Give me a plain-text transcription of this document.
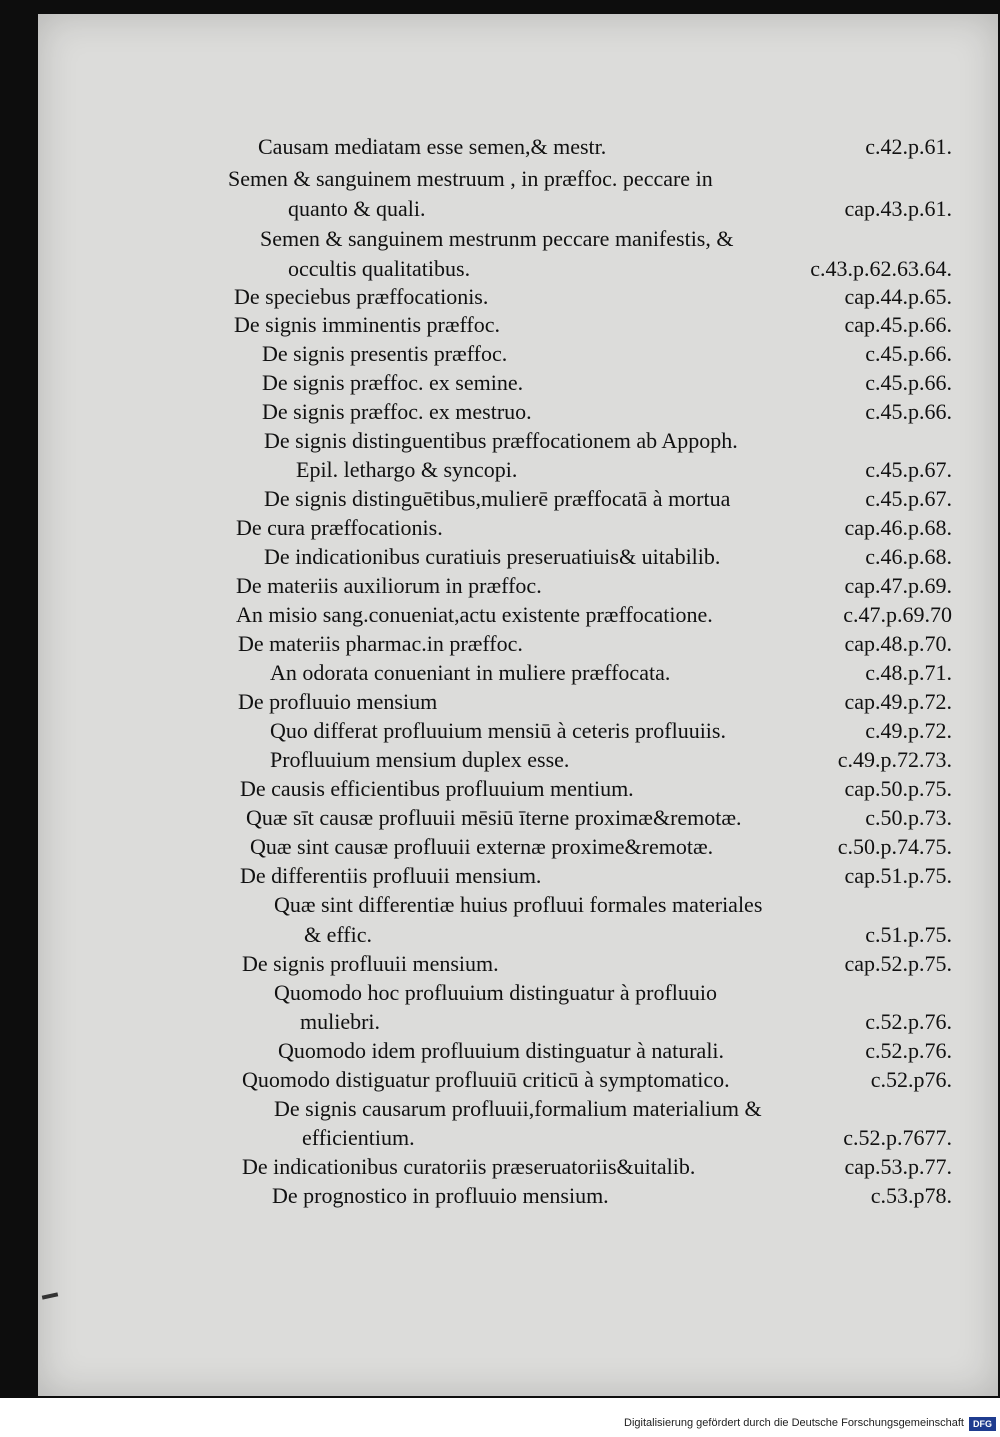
Causam mediatam esse semen,& mestr.	c.42.p.61.
Semen & sanguinem mestruum , in præffoc. peccare in
quanto & quali.	cap.43.p.61.
Semen & sanguinem mestrunm peccare manifestis, &
occultis qualitatibus.	c.43.p.62.63.64.
De speciebus præffocationis.	cap.44.p.65.
De signis imminentis præffoc.	cap.45.p.66.
De signis presentis præffoc.	c.45.p.66.
De signis præffoc. ex semine.	c.45.p.66.
De signis præffoc. ex mestruo.	c.45.p.66.
De signis distinguentibus præffocationem ab Appoph.
Epil. lethargo & syncopi.	c.45.p.67.
De signis distinguētibus,mulierē præffocatā à mortua	c.45.p.67.
De cura præffocationis.	cap.46.p.68.
De indicationibus curatiuis preseruatiuis& uitabilib.	c.46.p.68.
De materiis auxiliorum in præffoc.	cap.47.p.69.
An misio sang.conueniat,actu existente præffocatione.	c.47.p.69.70
De materiis pharmac.in præffoc.	cap.48.p.70.
An odorata conueniant in muliere præffocata.	c.48.p.71.
De profluuio mensium	cap.49.p.72.
Quo differat profluuium mensiū à ceteris profluuiis.	c.49.p.72.
Profluuium mensium duplex esse.	c.49.p.72.73.
De causis efficientibus profluuium mentium.	cap.50.p.75.
Quæ sīt causæ profluuii mēsiū īterne proximæ&remotæ.	c.50.p.73.
Quæ sint causæ profluuii externæ proxime&remotæ.	c.50.p.74.75.
De differentiis profluuii mensium.	cap.51.p.75.
Quæ sint differentiæ huius profluui formales materiales
& effic.	c.51.p.75.
De signis profluuii mensium.	cap.52.p.75.
Quomodo hoc profluuium distinguatur à profluuio
muliebri.	c.52.p.76.
Quomodo idem profluuium distinguatur à naturali.	c.52.p.76.
Quomodo distiguatur profluuiū criticū à symptomatico.	c.52.p76.
De signis causarum profluuii,formalium materialium &
efficientium.	c.52.p.7677.
De indicationibus curatoriis præseruatoriis&uitalib.	cap.53.p.77.
De prognostico in profluuio mensium.	c.53.p78.
Digitalisierung gefördert durch die Deutsche Forschungsgemeinschaft	DFG
